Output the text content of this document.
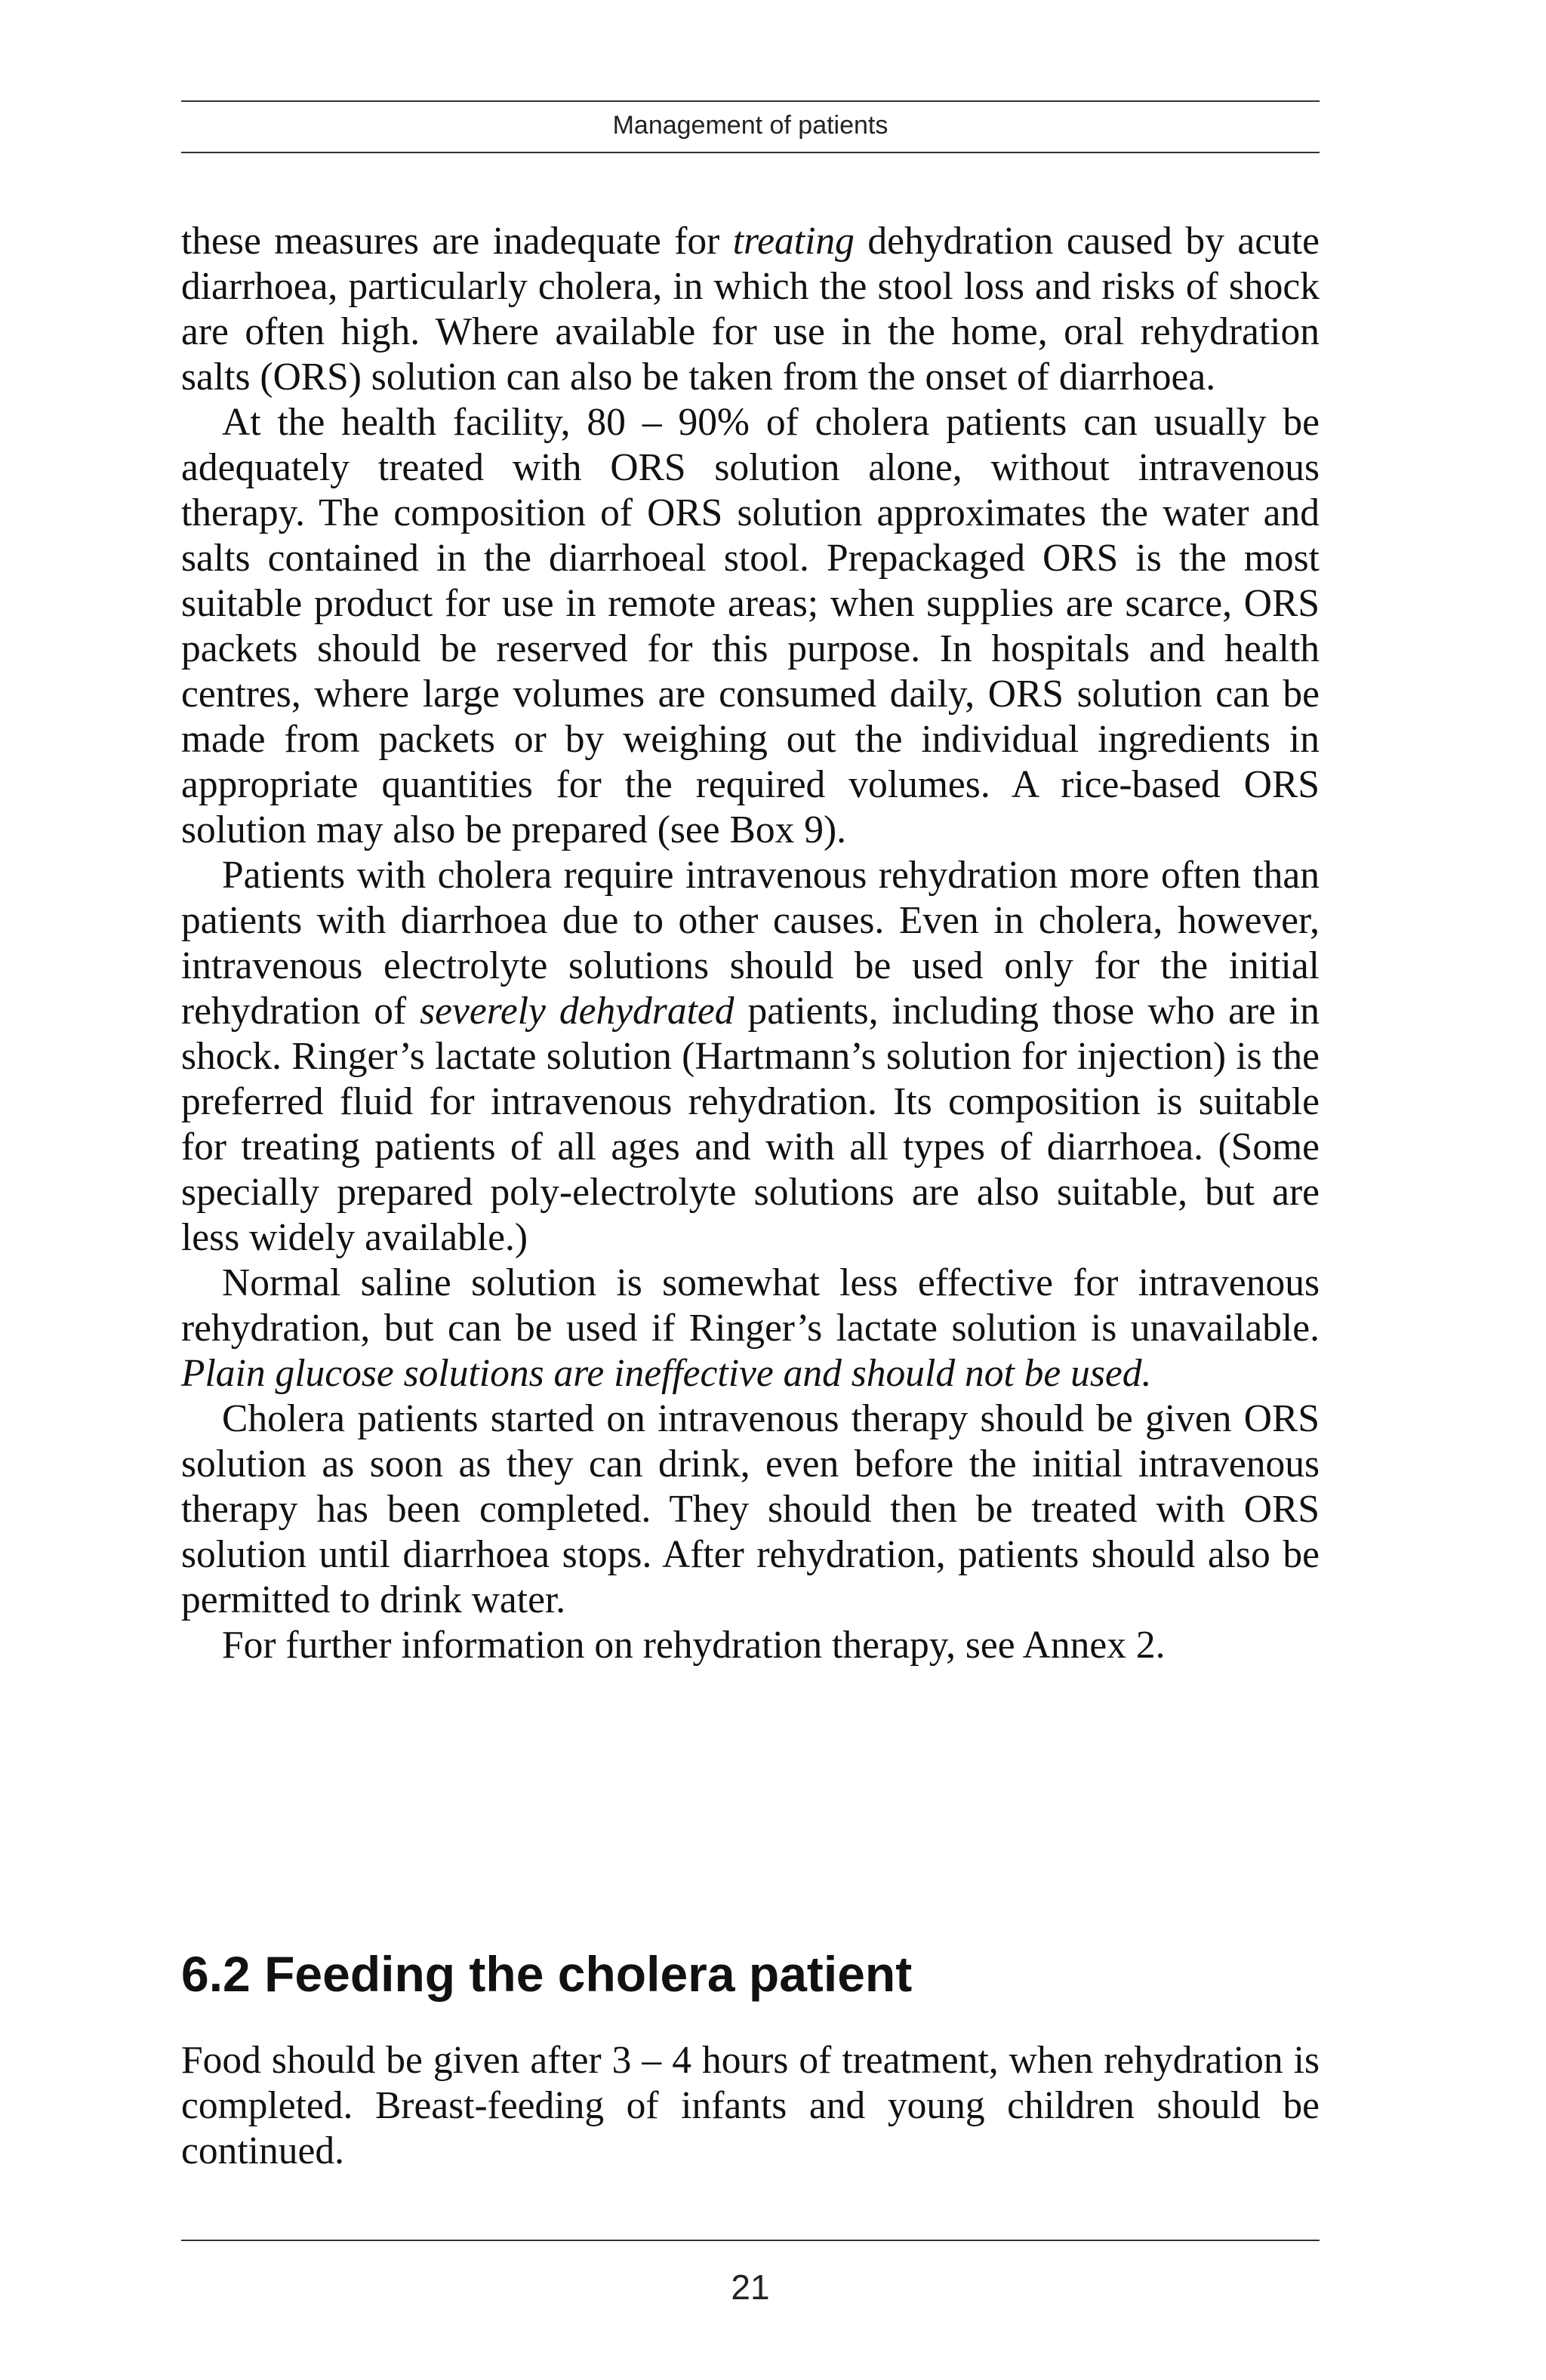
Management of patients

these measures are inadequate for treating dehydration caused by acute diarrhoea, particularly cholera, in which the stool loss and risks of shock are often high. Where available for use in the home, oral rehydration salts (ORS) solution can also be taken from the onset of diarrhoea.

At the health facility, 80 – 90% of cholera patients can usually be adequately treated with ORS solution alone, without intravenous therapy. The composition of ORS solution approximates the water and salts contained in the diarrhoeal stool. Prepackaged ORS is the most suitable product for use in remote areas; when supplies are scarce, ORS packets should be reserved for this purpose. In hospitals and health centres, where large volumes are consumed daily, ORS solution can be made from packets or by weighing out the individual ingredients in appropriate quantities for the required volumes. A rice-based ORS solution may also be prepared (see Box 9).

Patients with cholera require intravenous rehydration more often than patients with diarrhoea due to other causes. Even in cholera, however, intravenous electrolyte solutions should be used only for the initial rehydration of severely dehydrated patients, including those who are in shock. Ringer’s lactate solution (Hartmann’s solution for injection) is the preferred fluid for intravenous rehydration. Its composition is suitable for treating patients of all ages and with all types of diarrhoea. (Some specially prepared poly-electrolyte solutions are also suitable, but are less widely available.)

Normal saline solution is somewhat less effective for intravenous rehydration, but can be used if Ringer’s lactate solution is unavailable. Plain glucose solutions are ineffective and should not be used.

Cholera patients started on intravenous therapy should be given ORS solution as soon as they can drink, even before the initial intravenous therapy has been completed. They should then be treated with ORS solution until diarrhoea stops. After rehydration, patients should also be permitted to drink water.

For further information on rehydration therapy, see Annex 2.

6.2 Feeding the cholera patient

Food should be given after 3 – 4 hours of treatment, when rehydration is completed. Breast-feeding of infants and young children should be continued.

21
